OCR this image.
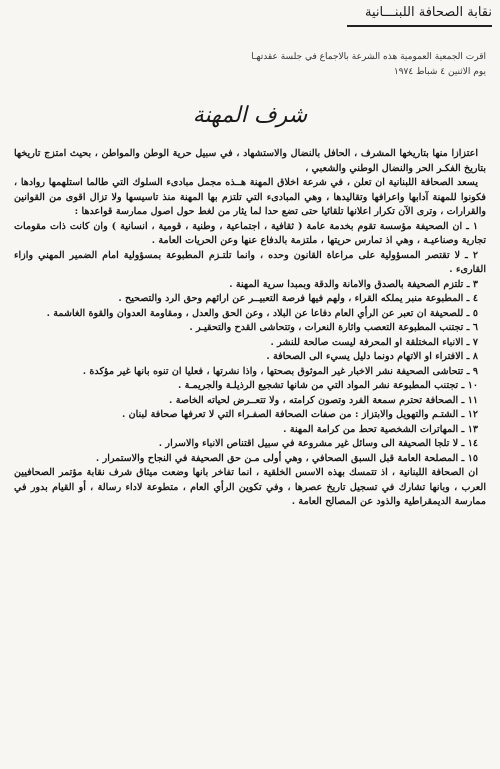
نقابة الصحافة اللبنـــانية
اقرت الجمعية العمومية هذه الشرعة بالاجماع في جلسة عقدتهـا
يوم الاثنين ٤ شباط ١٩٧٤
شرف المهنة

اعتزازا منها بتاريخها المشرف ، الحافل بالنضال والاستشهاد ، في سبيل حرية الوطن والمواطن ، بحيث امتزج تاريخها بتاريخ الفكـر الحر والنضال الوطني والشعبي ،

يسعد الصحافة اللبنانية ان تعلن ، في شرعة اخلاق المهنة هــذه مجمل مبادىء السلوك التي طالما استلهمها روادها ، فكونوا للمهنة آدابها واعرافها وتقاليدها ، وهي المبادىء التي تلتزم بها المهنة منذ تاسيسها ولا تزال اقوى من القوانين والقرارات ، وترى الآن تكرار اعلانها تلقائيا حتى تضع حدا لما يثار من لغط حول اصول ممارسة قواعدها :

١ ـ ان الصحيفة مؤسسة تقوم بخدمة عامة ( ثقافية ، اجتماعية ، وطنية ، قومية ، انسانية ) وان كانت ذات مقومات تجارية وصناعيـة ، وهي اذ تمارس حريتها ، ملتزمة بالدفاع عنها وعن الحريات العامة .

٢ ـ لا تقتصر المسؤولية على مراعاة القانون وحده ، وانما تلتـزم المطبوعة بمسؤولية امام الضمير المهني وازاء القارىء .

٣ ـ تلتزم الصحيفة بالصدق والامانة والدقة وبمبدا سرية المهنة .

٤ ـ المطبوعة منبر يملكه القراء ، ولهم فيها فرصة التعبيــر عن ارائهم وحق الرد والتصحيح .

٥ ـ للصحيفة ان تعبر عن الرأي العام دفاعا عن البلاد ، وعن الحق والعدل ، ومقاومة العدوان والقوة الغاشمة .

٦ ـ تجتنب المطبوعة التعصب واثارة النعرات ، وتتحاشى القدح والتحقيـر .

٧ ـ الانباء المختلقة او المحرفة ليست صالحة للنشر .

٨ ـ الافتراء او الاتهام دونما دليل يسيء الى الصحافة .

٩ ـ تتحاشى الصحيفة نشر الاخبار غير الموثوق بصحتها ، واذا نشرتها ، فعليا ان تنوه بانها غير مؤكدة .

١٠ ـ تجتنب المطبوعة نشر المواد التي من شانها تشجيع الرذيلـة والجريمـة .

١١ ـ الصحافة تحترم سمعة الفرد وتصون كرامته ، ولا تتعــرض لحياته الخاصة .

١٢ ـ الشتـم والتهويل والابتزاز : من صفات الصحافة الصفـراء التي لا تعرفها صحافة لبنان .

١٣ ـ المهاترات الشخصية تحط من كرامة المهنة .

١٤ ـ لا تلجا الصحيفة الى وسائل غير مشروعة في سبيل اقتناص الانباء والاسرار .

١٥ ـ المصلحة العامة قبل السبق الصحافي ، وهي أولى مـن حق الصحيفة في النجاح والاستمرار .

ان الصحافة اللبنانية ، اذ تتمسك بهذه الاسس الخلقية ، انما تفاخر بانها وضعت ميثاق شرف نقابة مؤتمر الصحافيين العرب ، وبانها تشارك في تسجيل تاريخ عصرها ، وفي تكوين الرأي العام ، متطوعة لاداء رسالة ، أو القيام بدور في ممارسة الديمقراطية والذود عن المصالح العامة .
